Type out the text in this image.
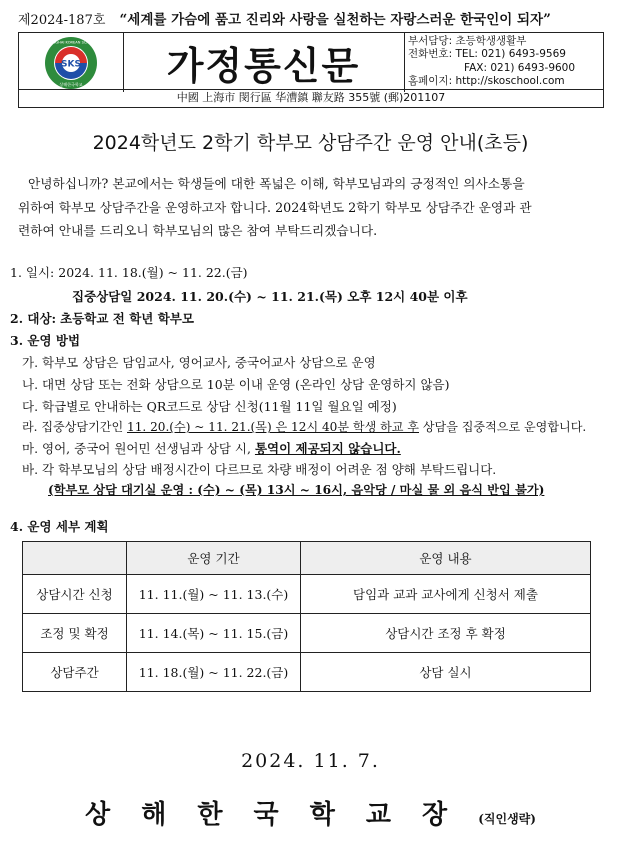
제2024-187호 “세계를 가슴에 품고 진리와 사랑을 실천하는 자랑스러운 한국인이 되자”
SKS
SHANGHAI KOREAN SCHOOL
상해한국학교 가정통신문
부서담당: 초등학생생활부
전화번호: TEL: 021) 6493-9569
FAX: 021) 6493-9600
홈페이지: http://skoschool.com
中國 上海市 閔行區 华漕鎮 聯友路 355號 (郵)201107
2024학년도 2학기 학부모 상담주간 운영 안내(초등)
안녕하십니까? 본교에서는 학생들에 대한 폭넓은 이해, 학부모님과의 긍정적인 의사소통을
위하여 학부모 상담주간을 운영하고자 합니다. 2024학년도 2학기 학부모 상담주간 운영과 관
련하여 안내를 드리오니 학부모님의 많은 참여 부탁드리겠습니다.
1. 일시: 2024. 11. 18.(월) ~ 11. 22.(금)
집중상담일 2024. 11. 20.(수) ~ 11. 21.(목) 오후 12시 40분 이후
2. 대상: 초등학교 전 학년 학부모
3. 운영 방법
가. 학부모 상담은 담임교사, 영어교사, 중국어교사 상담으로 운영
나. 대면 상담 또는 전화 상담으로 10분 이내 운영 (온라인 상담 운영하지 않음)
다. 학급별로 안내하는 QR코드로 상담 신청(11월 11일 월요일 예정)
라. 집중상담기간인 11. 20.(수) ~ 11. 21.(목) 은 12시 40분 학생 하교 후 상담을 집중적으로 운영합니다.
마. 영어, 중국어 원어민 선생님과 상담 시, 통역이 제공되지 않습니다.
바. 각 학부모님의 상담 배정시간이 다르므로 차량 배정이 어려운 점 양해 부탁드립니다.
(학부모 상담 대기실 운영 : (수) ~ (목) 13시 ~ 16시, 음악당 / 마실 물 외 음식 반입 불가)
4. 운영 세부 계획
	운영 기간	운영 내용
상담시간 신청	11. 11.(월) ~ 11. 13.(수)	담임과 교과 교사에게 신청서 제출
조정 및 확정	11. 14.(목) ~ 11. 15.(금)	상담시간 조정 후 확정
상담주간	11. 18.(월) ~ 11. 22.(금)	상담 실시
2024. 11. 7.
상 해 한 국 학 교 장 (직인생략)
